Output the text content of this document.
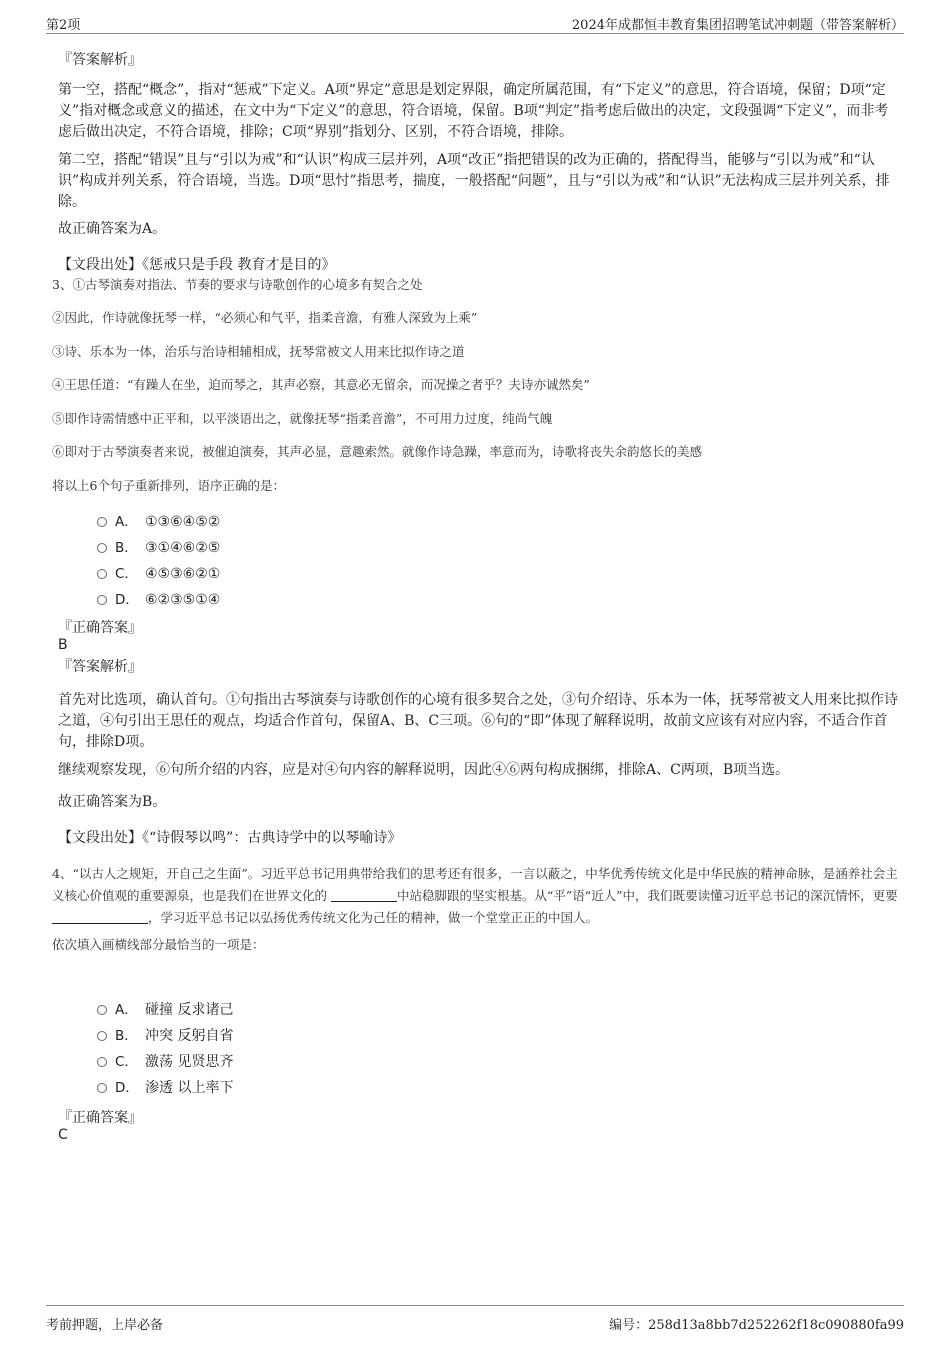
第2项	2024年成都恒丰教育集团招聘笔试冲刺题（带答案解析）
『答案解析』
第一空，搭配“概念”，指对“惩戒”下定义。A项“界定”意思是划定界限，确定所属范围，有“下定义”的意思，符合语境，保留；D项“定义”指对概念或意义的描述，在文中为“下定义”的意思，符合语境，保留。B项“判定”指考虑后做出的决定，文段强调“下定义”，而非考虑后做出决定，不符合语境，排除；C项“界别”指划分、区别，不符合语境，排除。
第二空，搭配“错误”且与“引以为戒”和“认识”构成三层并列，A项“改正”指把错误的改为正确的，搭配得当，能够与“引以为戒”和“认识”构成并列关系，符合语境，当选。D项“思忖”指思考，揣度，一般搭配“问题”，且与“引以为戒”和“认识”无法构成三层并列关系，排除。
故正确答案为A。
【文段出处】《惩戒只是手段 教育才是目的》
3、①古琴演奏对指法、节奏的要求与诗歌创作的心境多有契合之处
②因此，作诗就像抚琴一样，“必须心和气平，指柔音澹，有雅人深致为上乘”
③诗、乐本为一体，治乐与治诗相辅相成，抚琴常被文人用来比拟作诗之道
④王思任道：“有躁人在坐，迫而琴之，其声必察，其意必无留余，而况操之者乎？夫诗亦诚然矣”
⑤即作诗需情感中正平和，以平淡语出之，就像抚琴“指柔音澹”，不可用力过度，纯尚气魄
⑥即对于古琴演奏者来说，被催迫演奏，其声必显，意趣索然。就像作诗急躁，率意而为，诗歌将丧失余韵悠长的美感
将以上6个句子重新排列，语序正确的是：
A． ①③⑥④⑤②
B． ③①④⑥②⑤
C． ④⑤③⑥②①
D． ⑥②③⑤①④
『正确答案』
B
『答案解析』
首先对比选项，确认首句。①句指出古琴演奏与诗歌创作的心境有很多契合之处，③句介绍诗、乐本为一体，抚琴常被文人用来比拟作诗之道，④句引出王思任的观点，均适合作首句，保留A、B、C三项。⑥句的“即”体现了解释说明，故前文应该有对应内容，不适合作首句，排除D项。
继续观察发现，⑥句所介绍的内容，应是对④句内容的解释说明，因此④⑥两句构成捆绑，排除A、C两项，B项当选。
故正确答案为B。
【文段出处】《“诗假琴以鸣”：古典诗学中的以琴喻诗》
4、“以古人之规矩，开自己之生面”。习近平总书记用典带给我们的思考还有很多，一言以蔽之，中华优秀传统文化是中华民族的精神命脉，是涵养社会主义核心价值观的重要源泉，也是我们在世界文化的	中站稳脚跟的坚实根基。从“平”语“近人”中，我们既要读懂习近平总书记的深沉情怀，更要 ，学习近平总书记以弘扬优秀传统文化为己任的精神，做一个堂堂正正的中国人。
依次填入画横线部分最恰当的一项是：
A． 碰撞 反求诸己
B． 冲突 反躬自省
C． 激荡 见贤思齐
D． 渗透 以上率下
『正确答案』
C
考前押题，上岸必备	编号：258d13a8bb7d252262f18c090880fa99
